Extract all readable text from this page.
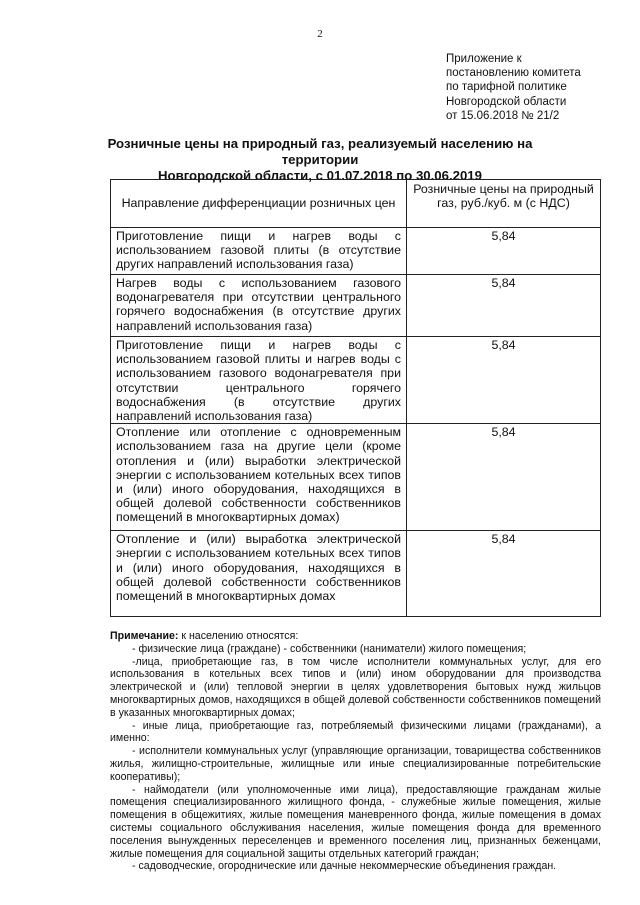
2
Приложение к
постановлению комитета
по тарифной политике
Новгородской области
от 15.06.2018 № 21/2
Розничные цены на природный газ, реализуемый населению на территории
Новгородской области, с 01.07.2018 по 30.06.2019
Направление дифференциации розничных цен	Розничные цены на природный газ, руб./куб. м (с НДС)
Приготовление пищи и нагрев воды с использованием газовой плиты (в отсутствие других направлений использования газа)	5,84
Нагрев воды с использованием газового водонагревателя при отсутствии центрального горячего водоснабжения (в отсутствие других направлений использования газа)	5,84
Приготовление пищи и нагрев воды с использованием газовой плиты и нагрев воды с использованием газового водонагревателя при отсутствии центрального горячего водоснабжения (в отсутствие других направлений использования газа)	5,84
Отопление или отопление с одновременным использованием газа на другие цели (кроме отопления и (или) выработки электрической энергии с использованием котельных всех типов и (или) иного оборудования, находящихся в общей долевой собственности собственников помещений в многоквартирных домах)	5,84
Отопление и (или) выработка электрической энергии с использованием котельных всех типов и (или) иного оборудования, находящихся в общей долевой собственности собственников помещений в многоквартирных домах	5,84

Примечание: к населению относятся:

- физические лица (граждане) - собственники (наниматели) жилого помещения;

-лица, приобретающие газ, в том числе исполнители коммунальных услуг, для его использования в котельных всех типов и (или) ином оборудовании для производства электрической и (или) тепловой энергии в целях удовлетворения бытовых нужд жильцов многоквартирных домов, находящихся в общей долевой собственности собственников помещений в указанных многоквартирных домах;

- иные лица, приобретающие газ, потребляемый физическими лицами (гражданами), а именно:

- исполнители коммунальных услуг (управляющие организации, товарищества собственников жилья, жилищно-строительные, жилищные или иные специализированные потребительские кооперативы);

- наймодатели (или уполномоченные ими лица), предоставляющие гражданам жилые помещения специализированного жилищного фонда, - служебные жилые помещения, жилые помещения в общежитиях, жилые помещения маневренного фонда, жилые помещения в домах системы социального обслуживания населения, жилые помещения фонда для временного поселения вынужденных переселенцев и временного поселения лиц, признанных беженцами, жилые помещения для социальной защиты отдельных категорий граждан;

- садоводческие, огороднические или дачные некоммерческие объединения граждан.
